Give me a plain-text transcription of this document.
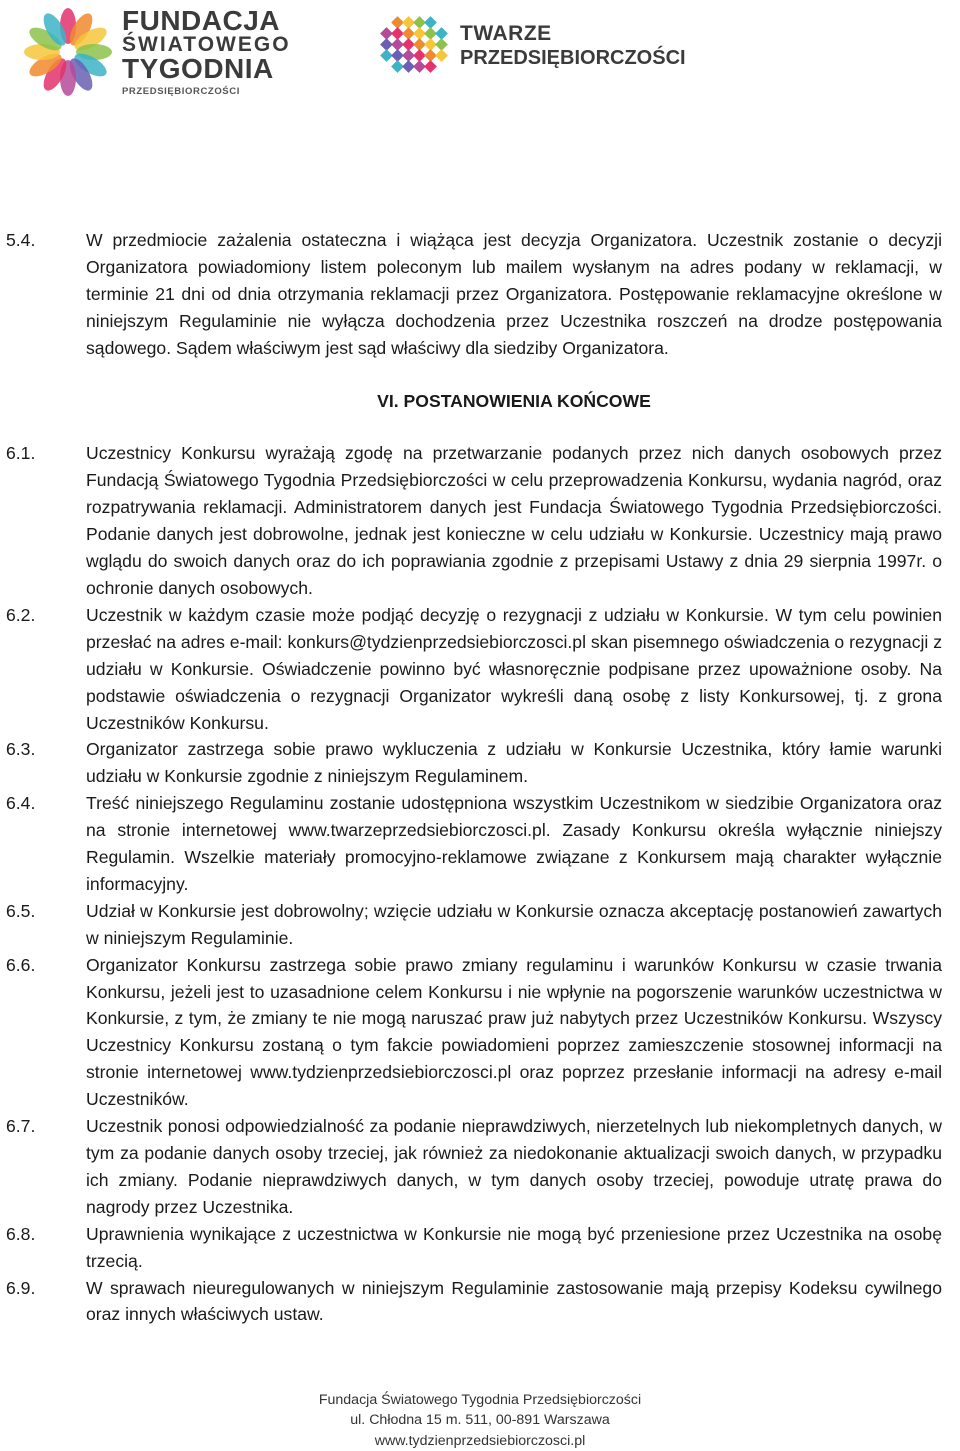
FUNDACJA
ŚWIATOWEGO
TYGODNIA
PRZEDSIĘBIORCZOŚCI
TWARZE
PRZEDSIĘBIORCZOŚCI
5.4.	W przedmiocie zażalenia ostateczna i wiążąca jest decyzja Organizatora. Uczestnik zostanie o decyzji Organizatora powiadomiony listem poleconym lub mailem wysłanym na adres podany w reklamacji, w terminie 21 dni od dnia otrzymania reklamacji przez Organizatora. Postępowanie reklamacyjne określone w niniejszym Regulaminie nie wyłącza dochodzenia przez Uczestnika roszczeń na drodze postępowania sądowego. Sądem właściwym jest sąd właściwy dla siedziby Organizatora.
VI. POSTANOWIENIA KOŃCOWE
6.1.	Uczestnicy Konkursu wyrażają zgodę na przetwarzanie podanych przez nich danych osobowych przez Fundacją Światowego Tygodnia Przedsiębiorczości w celu przeprowadzenia Konkursu, wydania nagród, oraz rozpatrywania reklamacji. Administratorem danych jest Fundacja Światowego Tygodnia Przedsiębiorczości. Podanie danych jest dobrowolne, jednak jest konieczne w celu udziału w Konkursie. Uczestnicy mają prawo wglądu do swoich danych oraz do ich poprawiania zgodnie z przepisami Ustawy z dnia 29 sierpnia 1997r. o ochronie danych osobowych.
6.2.	Uczestnik w każdym czasie może podjąć decyzję o rezygnacji z udziału w Konkursie. W tym celu powinien przesłać na adres e-mail: konkurs@tydzienprzedsiebiorczosci.pl skan pisemnego oświadczenia o rezygnacji z udziału w Konkursie. Oświadczenie powinno być własnoręcznie podpisane przez upoważnione osoby. Na podstawie oświadczenia o rezygnacji Organizator wykreśli daną osobę z listy Konkursowej, tj. z grona Uczestników Konkursu.
6.3.	Organizator zastrzega sobie prawo wykluczenia z udziału w Konkursie Uczestnika, który łamie warunki udziału w Konkursie zgodnie z niniejszym Regulaminem.
6.4.	Treść niniejszego Regulaminu zostanie udostępniona wszystkim Uczestnikom w siedzibie Organizatora oraz na stronie internetowej www.twarzeprzedsiebiorczosci.pl. Zasady Konkursu określa wyłącznie niniejszy Regulamin. Wszelkie materiały promocyjno-reklamowe związane z Konkursem mają charakter wyłącznie informacyjny.
6.5.	Udział w Konkursie jest dobrowolny; wzięcie udziału w Konkursie oznacza akceptację postanowień zawartych w niniejszym Regulaminie.
6.6.	Organizator Konkursu zastrzega sobie prawo zmiany regulaminu i warunków Konkursu w czasie trwania Konkursu, jeżeli jest to uzasadnione celem Konkursu i nie wpłynie na pogorszenie warunków uczestnictwa w Konkursie, z tym, że zmiany te nie mogą naruszać praw już nabytych przez Uczestników Konkursu. Wszyscy Uczestnicy Konkursu zostaną o tym fakcie powiadomieni poprzez zamieszczenie stosownej informacji na stronie internetowej www.tydzienprzedsiebiorczosci.pl oraz poprzez przesłanie informacji na adresy e-mail Uczestników.
6.7.	Uczestnik ponosi odpowiedzialność za podanie nieprawdziwych, nierzetelnych lub niekompletnych danych, w tym za podanie danych osoby trzeciej, jak również za niedokonanie aktualizacji swoich danych, w przypadku ich zmiany. Podanie nieprawdziwych danych, w tym danych osoby trzeciej, powoduje utratę prawa do nagrody przez Uczestnika.
6.8.	Uprawnienia wynikające z uczestnictwa w Konkursie nie mogą być przeniesione przez Uczestnika na osobę trzecią.
6.9.	W sprawach nieuregulowanych w niniejszym Regulaminie zastosowanie mają przepisy Kodeksu cywilnego oraz innych właściwych ustaw.
Fundacja Światowego Tygodnia Przedsiębiorczości
ul. Chłodna 15 m. 511, 00-891 Warszawa
www.tydzienprzedsiebiorczosci.pl
